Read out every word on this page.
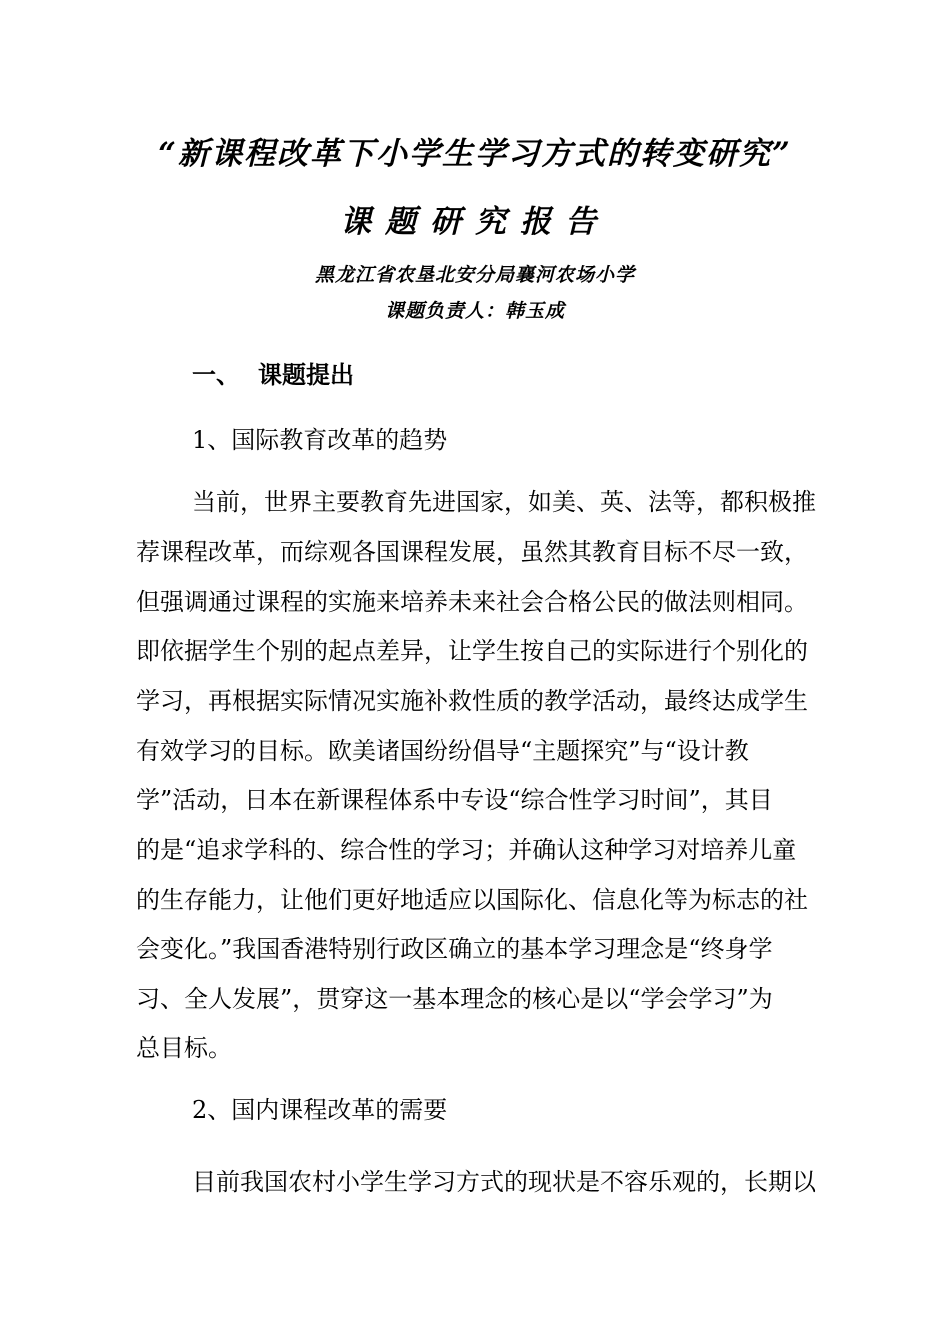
“新课程改革下小学生学习方式的转变研究”
课题研究报告
黑龙江省农垦北安分局襄河农场小学
课题负责人：韩玉成
一、 课题提出
1、国际教育改革的趋势
当前，世界主要教育先进国家，如美、英、法等，都积极推
荐课程改革，而综观各国课程发展，虽然其教育目标不尽一致，
但强调通过课程的实施来培养未来社会合格公民的做法则相同。
即依据学生个别的起点差异，让学生按自己的实际进行个别化的
学习，再根据实际情况实施补救性质的教学活动，最终达成学生
有效学习的目标。欧美诸国纷纷倡导“主题探究”与“设计教
学”活动，日本在新课程体系中专设“综合性学习时间”，其目
的是“追求学科的、综合性的学习；并确认这种学习对培养儿童
的生存能力，让他们更好地适应以国际化、信息化等为标志的社
会变化。”我国香港特别行政区确立的基本学习理念是“终身学
习、全人发展”，贯穿这一基本理念的核心是以“学会学习”为
总目标。
2、国内课程改革的需要
目前我国农村小学生学习方式的现状是不容乐观的，长期以
